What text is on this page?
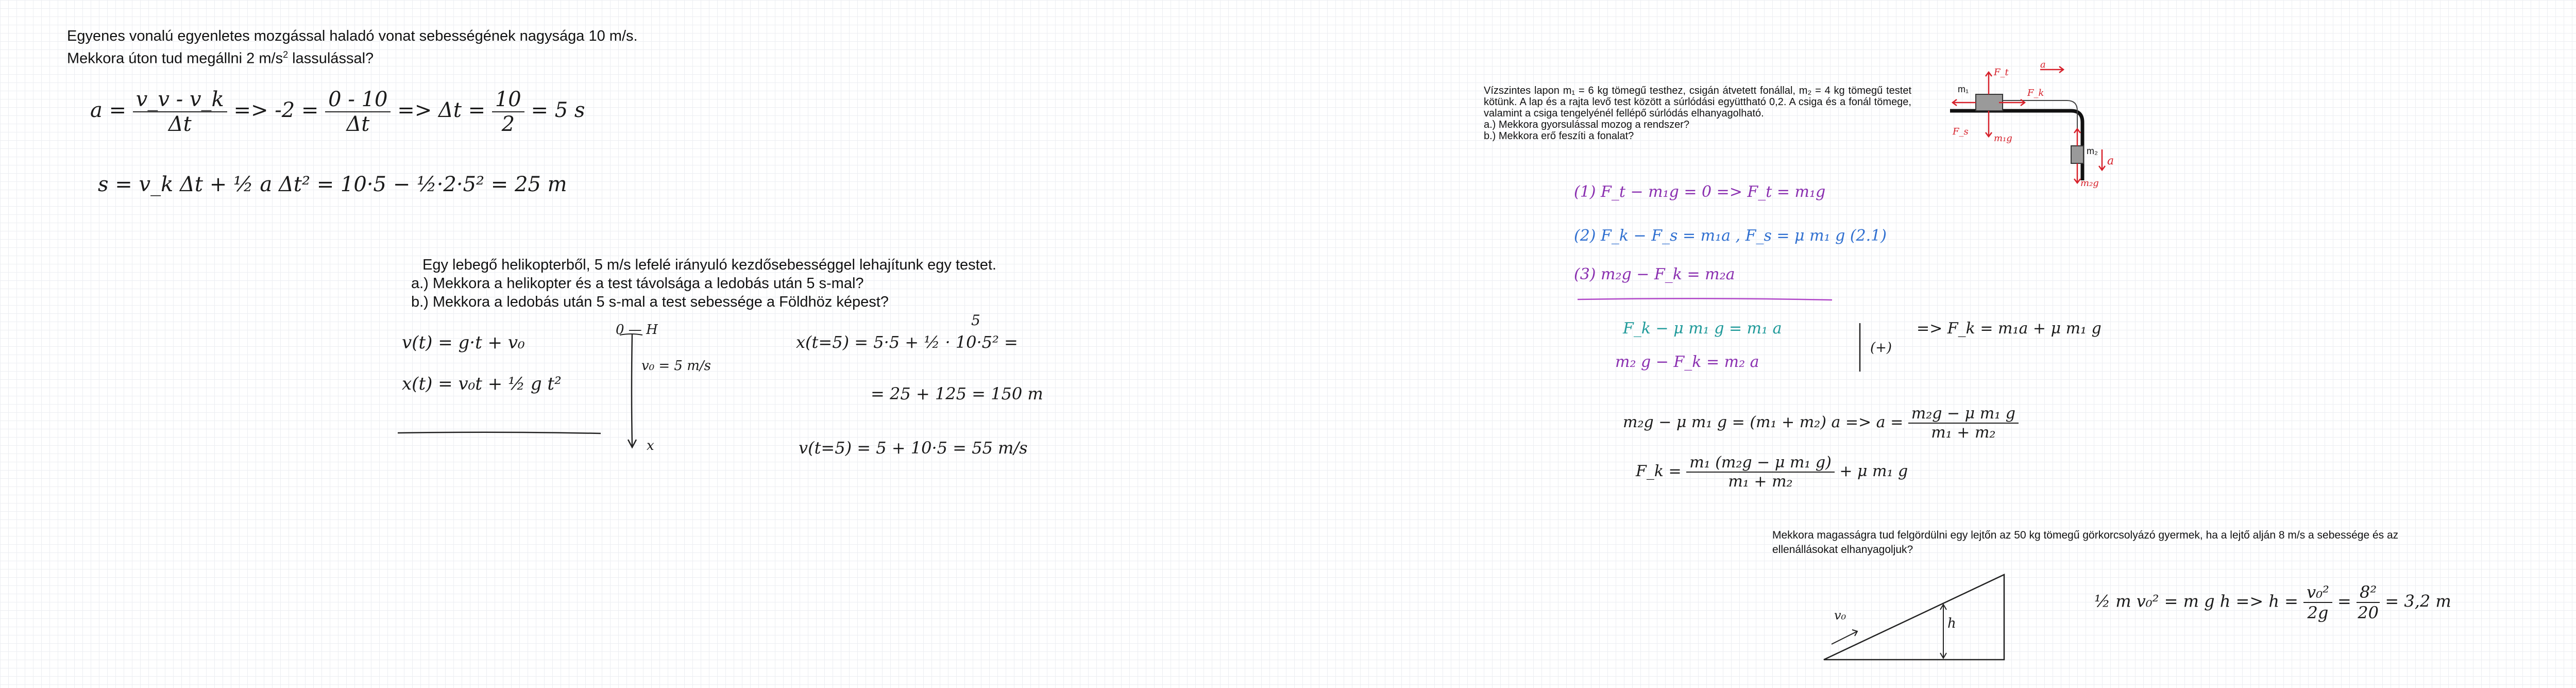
Egyenes vonalú egyenletes mozgással haladó vonat sebességének nagysága 10 m/s.
Mekkora úton tud megállni 2 $m/s^2$ lassulással?
$a = \frac{v\_v - v\_k}{\Delta t} => -2 = \frac{0 - 10}{\Delta t} => \Delta t = \frac{10}{2} = 5$ s
s = v_k Δt + ½ a Δt² = 10·5 − ½·2·5² = 25 m
Egy lebegő helikopterből, 5 m/s lefelé irányuló kezdősebességgel lehajítunk egy testet.
a.) Mekkora a helikopter és a test távolsága a ledobás után 5 s-mal?
b.) Mekkora a ledobás után 5 s-mal a test sebessége a Földhöz képest?
v(t) = g·t + v₀
x(t) = v₀t + ½ g t²
0 — H
v₀ = 5 m/s
x
5
x(t=5) = 5·5 + ½ · 10·5² =
= 25 + 125 = 150 m
v(t=5) = 5 + 10·5 = 55 m/s
Vízszintes lapon m₁ = 6 kg tömegű testhez, csigán átvetett fonállal, m₂ = 4 kg tömegű testet kötünk. A lap és a rajta levő test között a súrlódási együttható 0,2. A csiga és a fonál tömege, valamint a csiga tengelyénél fellépő súrlódás elhanyagolható.
a.) Mekkora gyorsulással mozog a rendszer?
b.) Mekkora erő feszíti a fonalat?
m₁
m₂
F_s
F_t
F_k
a
m₁g
m₂g
a
(1) F_t − m₁g = 0 => F_t = m₁g
(2) F_k − F_s = m₁a , F_s = μ m₁ g (2.1)
(3) m₂g − F_k = m₂a
F_k − μ m₁ g = m₁ a
m₂ g − F_k = m₂ a
(+)
=> F_k = m₁a + μ m₁ g
m₂g − μ m₁ g = (m₁ + m₂) $a => a = \frac{\text{m₂g − μ m₁ g}}{\text{m₁ + m₂}}$
F_k = $\frac{\text{m₁ (m₂g − μ m₁ g)}}{\text{m₁ + m₂}} + \mu$ m₁ g
Mekkora magasságra tud felgördülni egy lejtőn az 50 kg tömegű görkorcsolyázó gyermek, ha a lejtő alján 8 m/s a sebessége és az ellenállásokat elhanyagoljuk?
v₀
h
½ m v₀² = m g $h => h = \frac{\text{v₀²}}{2g} = \frac{\text{8²}}{20} = 3,2$ m
